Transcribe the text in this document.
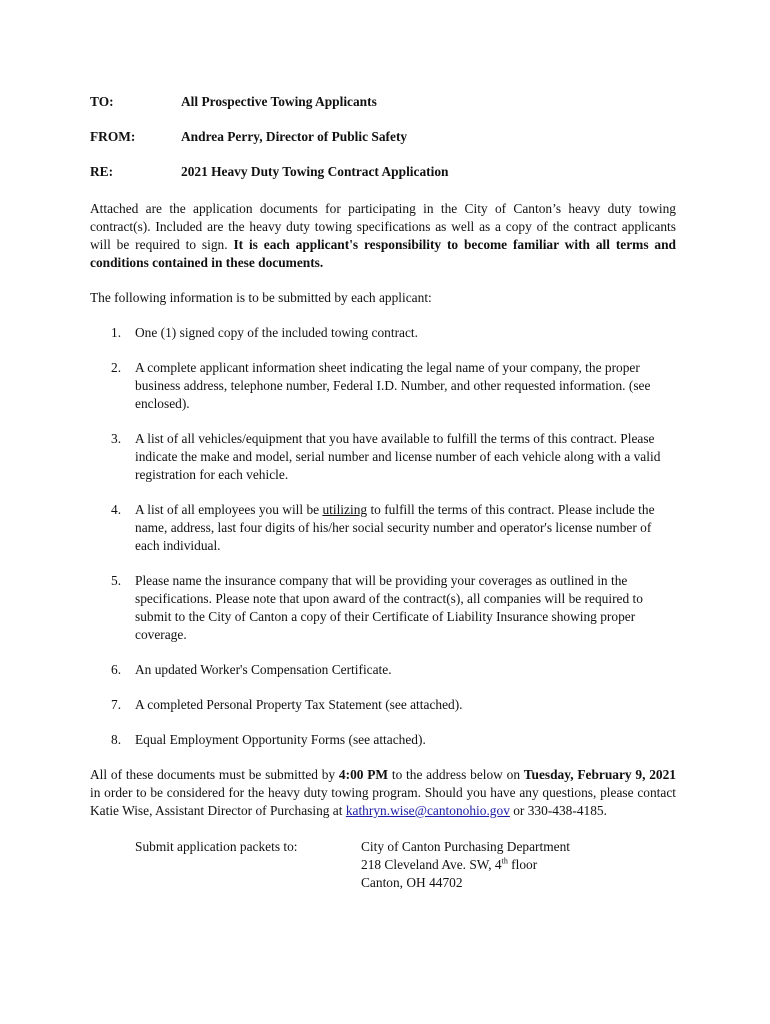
TO:	All Prospective Towing Applicants
FROM:	Andrea Perry, Director of Public Safety
RE:	2021 Heavy Duty Towing Contract Application

Attached are the application documents for participating in the City of Canton’s heavy duty towing contract(s). Included are the heavy duty towing specifications as well as a copy of the contract applicants will be required to sign. It is each applicant's responsibility to become familiar with all terms and conditions contained in these documents.

The following information is to be submitted by each applicant:

1. One (1) signed copy of the included towing contract.
2. A complete applicant information sheet indicating the legal name of your company, the proper business address, telephone number, Federal I.D. Number, and other requested information. (see enclosed).
3. A list of all vehicles/equipment that you have available to fulfill the terms of this contract. Please indicate the make and model, serial number and license number of each vehicle along with a valid registration for each vehicle.
4. A list of all employees you will be utilizing to fulfill the terms of this contract. Please include the name, address, last four digits of his/her social security number and operator's license number of each individual.
5. Please name the insurance company that will be providing your coverages as outlined in the specifications. Please note that upon award of the contract(s), all companies will be required to submit to the City of Canton a copy of their Certificate of Liability Insurance showing proper coverage.
6. An updated Worker's Compensation Certificate.
7. A completed Personal Property Tax Statement (see attached).
8. Equal Employment Opportunity Forms (see attached).

All of these documents must be submitted by 4:00 PM to the address below on Tuesday, February 9, 2021 in order to be considered for the heavy duty towing program. Should you have any questions, please contact Katie Wise, Assistant Director of Purchasing at kathryn.wise@cantonohio.gov or 330-438-4185.

Submit application packets to:	City of Canton Purchasing Department
218 Cleveland Ave. SW, 4th floor
Canton, OH 44702
